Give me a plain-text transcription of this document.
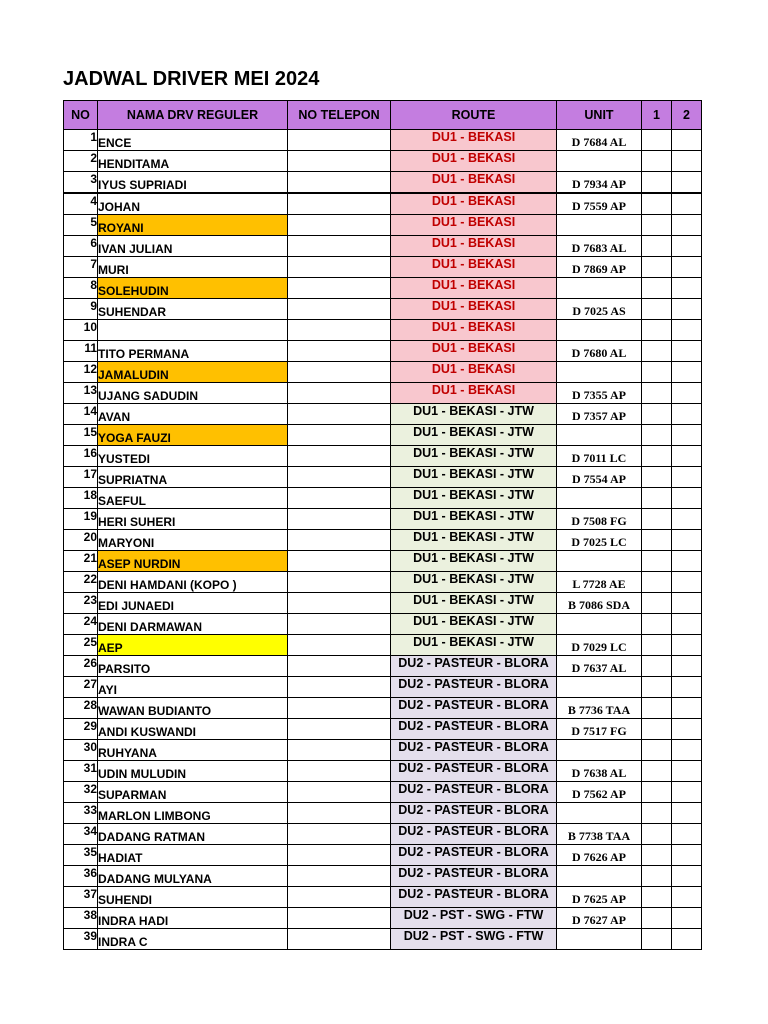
JADWAL DRIVER MEI 2024
NO	NAMA DRV REGULER	NO TELEPON	ROUTE	UNIT	1	2
1	ENCE		DU1 - BEKASI	D 7684 AL		
2	HENDITAMA		DU1 - BEKASI			
3	IYUS SUPRIADI		DU1 - BEKASI	D 7934 AP		
4	JOHAN		DU1 - BEKASI	D 7559 AP		
5	ROYANI		DU1 - BEKASI			
6	IVAN JULIAN		DU1 - BEKASI	D 7683 AL		
7	MURI		DU1 - BEKASI	D 7869 AP		
8	SOLEHUDIN		DU1 - BEKASI			
9	SUHENDAR		DU1 - BEKASI	D 7025 AS		
10			DU1 - BEKASI			
11	TITO PERMANA		DU1 - BEKASI	D 7680 AL		
12	JAMALUDIN		DU1 - BEKASI			
13	UJANG SADUDIN		DU1 - BEKASI	D 7355 AP		
14	AVAN		DU1 - BEKASI - JTW	D 7357 AP		
15	YOGA FAUZI		DU1 - BEKASI - JTW			
16	YUSTEDI		DU1 - BEKASI - JTW	D 7011 LC		
17	SUPRIATNA		DU1 - BEKASI - JTW	D 7554 AP		
18	SAEFUL		DU1 - BEKASI - JTW			
19	HERI SUHERI		DU1 - BEKASI - JTW	D 7508 FG		
20	MARYONI		DU1 - BEKASI - JTW	D 7025 LC		
21	ASEP NURDIN		DU1 - BEKASI - JTW			
22	DENI HAMDANI (KOPO )		DU1 - BEKASI - JTW	L 7728 AE		
23	EDI JUNAEDI		DU1 - BEKASI - JTW	B 7086 SDA		
24	DENI DARMAWAN		DU1 - BEKASI - JTW			
25	AEP		DU1 - BEKASI - JTW	D 7029 LC		
26	PARSITO		DU2 - PASTEUR - BLORA	D 7637 AL		
27	AYI		DU2 - PASTEUR - BLORA			
28	WAWAN BUDIANTO		DU2 - PASTEUR - BLORA	B 7736 TAA		
29	ANDI KUSWANDI		DU2 - PASTEUR - BLORA	D 7517 FG		
30	RUHYANA		DU2 - PASTEUR - BLORA			
31	UDIN MULUDIN		DU2 - PASTEUR - BLORA	D 7638 AL		
32	SUPARMAN		DU2 - PASTEUR - BLORA	D 7562 AP		
33	MARLON LIMBONG		DU2 - PASTEUR - BLORA			
34	DADANG RATMAN		DU2 - PASTEUR - BLORA	B 7738 TAA		
35	HADIAT		DU2 - PASTEUR - BLORA	D 7626 AP		
36	DADANG MULYANA		DU2 - PASTEUR - BLORA			
37	SUHENDI		DU2 - PASTEUR - BLORA	D 7625 AP		
38	INDRA HADI		DU2 - PST - SWG - FTW	D 7627 AP		
39	INDRA C		DU2 - PST - SWG - FTW			
